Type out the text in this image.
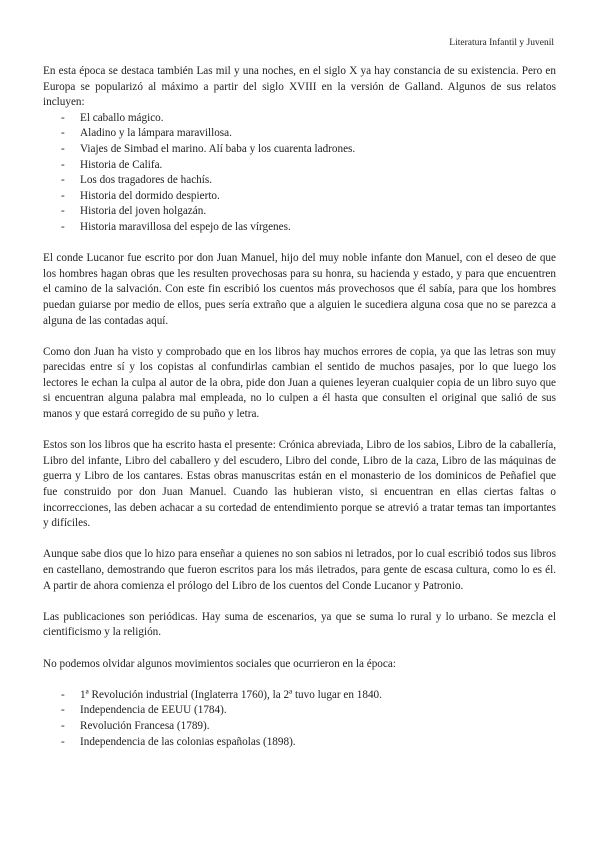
Literatura Infantil y Juvenil

En esta época se destaca también Las mil y una noches, en el siglo X ya hay constancia de su existencia. Pero en Europa se popularizó al máximo a partir del siglo XVIII en la versión de Galland. Algunos de sus relatos incluyen:

- El caballo mágico.
- Aladino y la lámpara maravillosa.
- Viajes de Simbad el marino. Alí baba y los cuarenta ladrones.
- Historia de Califa.
- Los dos tragadores de hachís.
- Historia del dormido despierto.
- Historia del joven holgazán.
- Historia maravillosa del espejo de las vírgenes.

El conde Lucanor fue escrito por don Juan Manuel, hijo del muy noble infante don Manuel, con el deseo de que los hombres hagan obras que les resulten provechosas para su honra, su hacienda y estado, y para que encuentren el camino de la salvación. Con este fin escribió los cuentos más provechosos que él sabía, para que los hombres puedan guiarse por medio de ellos, pues sería extraño que a alguien le sucediera alguna cosa que no se parezca a alguna de las contadas aquí.

Como don Juan ha visto y comprobado que en los libros hay muchos errores de copia, ya que las letras son muy parecidas entre sí y los copistas al confundirlas cambian el sentido de muchos pasajes, por lo que luego los lectores le echan la culpa al autor de la obra, pide don Juan a quienes leyeran cualquier copia de un libro suyo que si encuentran alguna palabra mal empleada, no lo culpen a él hasta que consulten el original que salió de sus manos y que estará corregido de su puño y letra.

Estos son los libros que ha escrito hasta el presente: Crónica abreviada, Libro de los sabios, Libro de la caballería, Libro del infante, Libro del caballero y del escudero, Libro del conde, Libro de la caza, Libro de las máquinas de guerra y Libro de los cantares. Estas obras manuscritas están en el monasterio de los dominicos de Peñafiel que fue construido por don Juan Manuel. Cuando las hubieran visto, si encuentran en ellas ciertas faltas o incorrecciones, las deben achacar a su cortedad de entendimiento porque se atrevió a tratar temas tan importantes y difíciles.

Aunque sabe dios que lo hizo para enseñar a quienes no son sabios ni letrados, por lo cual escribió todos sus libros en castellano, demostrando que fueron escritos para los más iletrados, para gente de escasa cultura, como lo es él. A partir de ahora comienza el prólogo del Libro de los cuentos del Conde Lucanor y Patronio.

Las publicaciones son periódicas. Hay suma de escenarios, ya que se suma lo rural y lo urbano. Se mezcla el cientificismo y la religión.

No podemos olvidar algunos movimientos sociales que ocurrieron en la época:

- 1ª Revolución industrial (Inglaterra 1760), la 2ª tuvo lugar en 1840.
- Independencia de EEUU (1784).
- Revolución Francesa (1789).
- Independencia de las colonias españolas (1898).
